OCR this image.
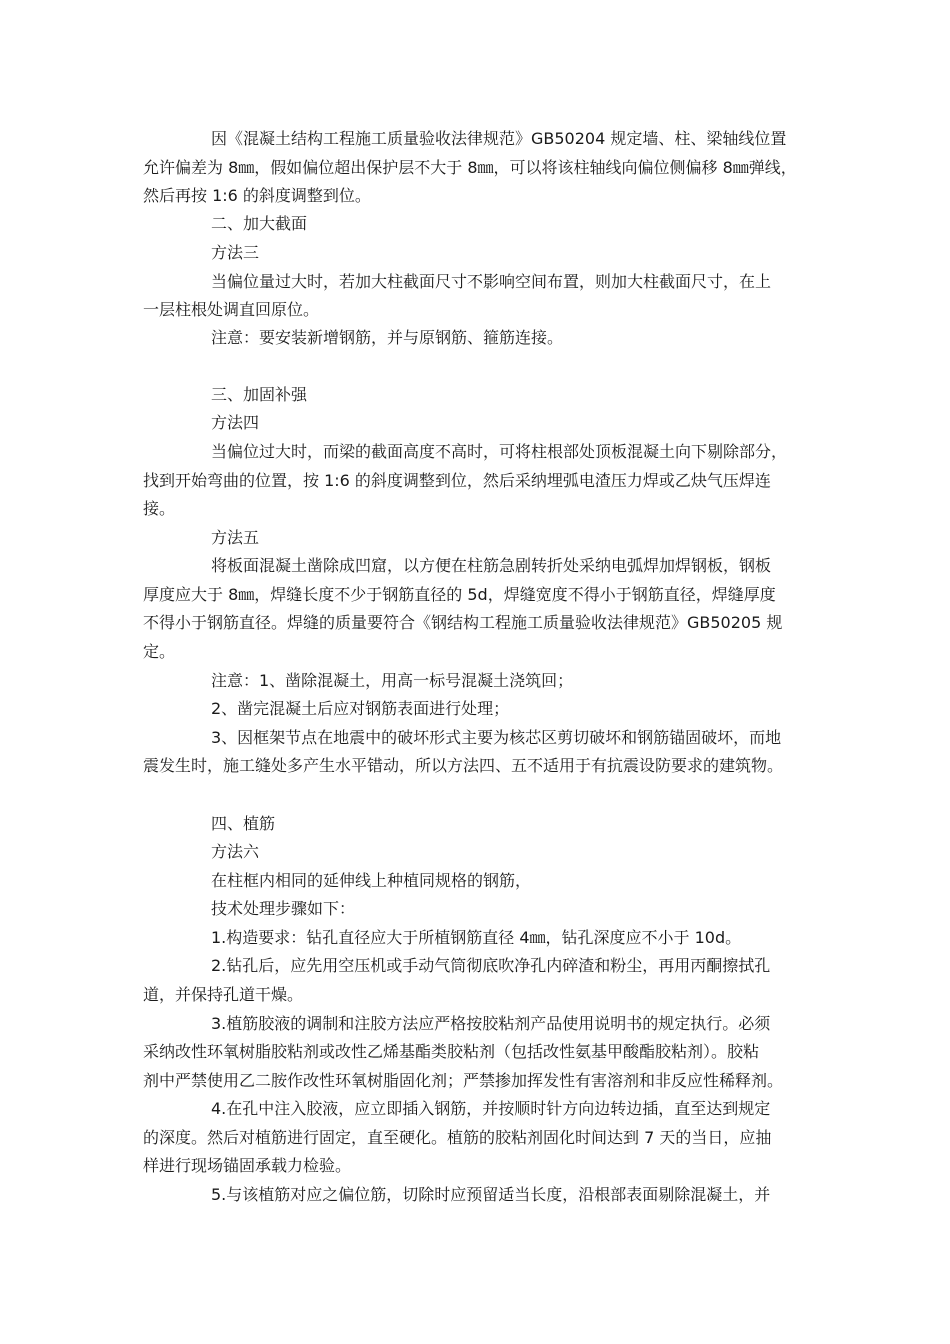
因《混凝土结构工程施工质量验收法律规范》GB50204 规定墙、柱、梁轴线位置
允许偏差为 8㎜，假如偏位超出保护层不大于 8㎜，可以将该柱轴线向偏位侧偏移 8㎜弹线，
然后再按 1:6 的斜度调整到位。
二、加大截面
方法三
当偏位量过大时，若加大柱截面尺寸不影响空间布置，则加大柱截面尺寸，在上
一层柱根处调直回原位。
注意：要安装新增钢筋，并与原钢筋、箍筋连接。
三、加固补强
方法四
当偏位过大时，而梁的截面高度不高时，可将柱根部处顶板混凝土向下剔除部分，
找到开始弯曲的位置，按 1:6 的斜度调整到位，然后采纳埋弧电渣压力焊或乙炔气压焊连
接。
方法五
将板面混凝土凿除成凹窟，以方便在柱筋急剧转折处采纳电弧焊加焊钢板，钢板
厚度应大于 8㎜，焊缝长度不少于钢筋直径的 5d，焊缝宽度不得小于钢筋直径，焊缝厚度
不得小于钢筋直径。焊缝的质量要符合《钢结构工程施工质量验收法律规范》GB50205 规
定。
注意：1、凿除混凝土，用高一标号混凝土浇筑回；
2、凿完混凝土后应对钢筋表面进行处理；
3、因框架节点在地震中的破坏形式主要为核芯区剪切破坏和钢筋锚固破坏，而地
震发生时，施工缝处多产生水平错动，所以方法四、五不适用于有抗震设防要求的建筑物。
四、植筋
方法六
在柱框内相同的延伸线上种植同规格的钢筋，
技术处理步骤如下：
1.构造要求：钻孔直径应大于所植钢筋直径 4㎜，钻孔深度应不小于 10d。
2.钻孔后，应先用空压机或手动气筒彻底吹净孔内碎渣和粉尘，再用丙酮擦拭孔
道，并保持孔道干燥。
3.植筋胶液的调制和注胶方法应严格按胶粘剂产品使用说明书的规定执行。必须
采纳改性环氧树脂胶粘剂或改性乙烯基酯类胶粘剂（包括改性氨基甲酸酯胶粘剂）。胶粘
剂中严禁使用乙二胺作改性环氧树脂固化剂；严禁掺加挥发性有害溶剂和非反应性稀释剂。
4.在孔中注入胶液，应立即插入钢筋，并按顺时针方向边转边插，直至达到规定
的深度。然后对植筋进行固定，直至硬化。植筋的胶粘剂固化时间达到 7 天的当日，应抽
样进行现场锚固承载力检验。
5.与该植筋对应之偏位筋，切除时应预留适当长度，沿根部表面剔除混凝土，并
